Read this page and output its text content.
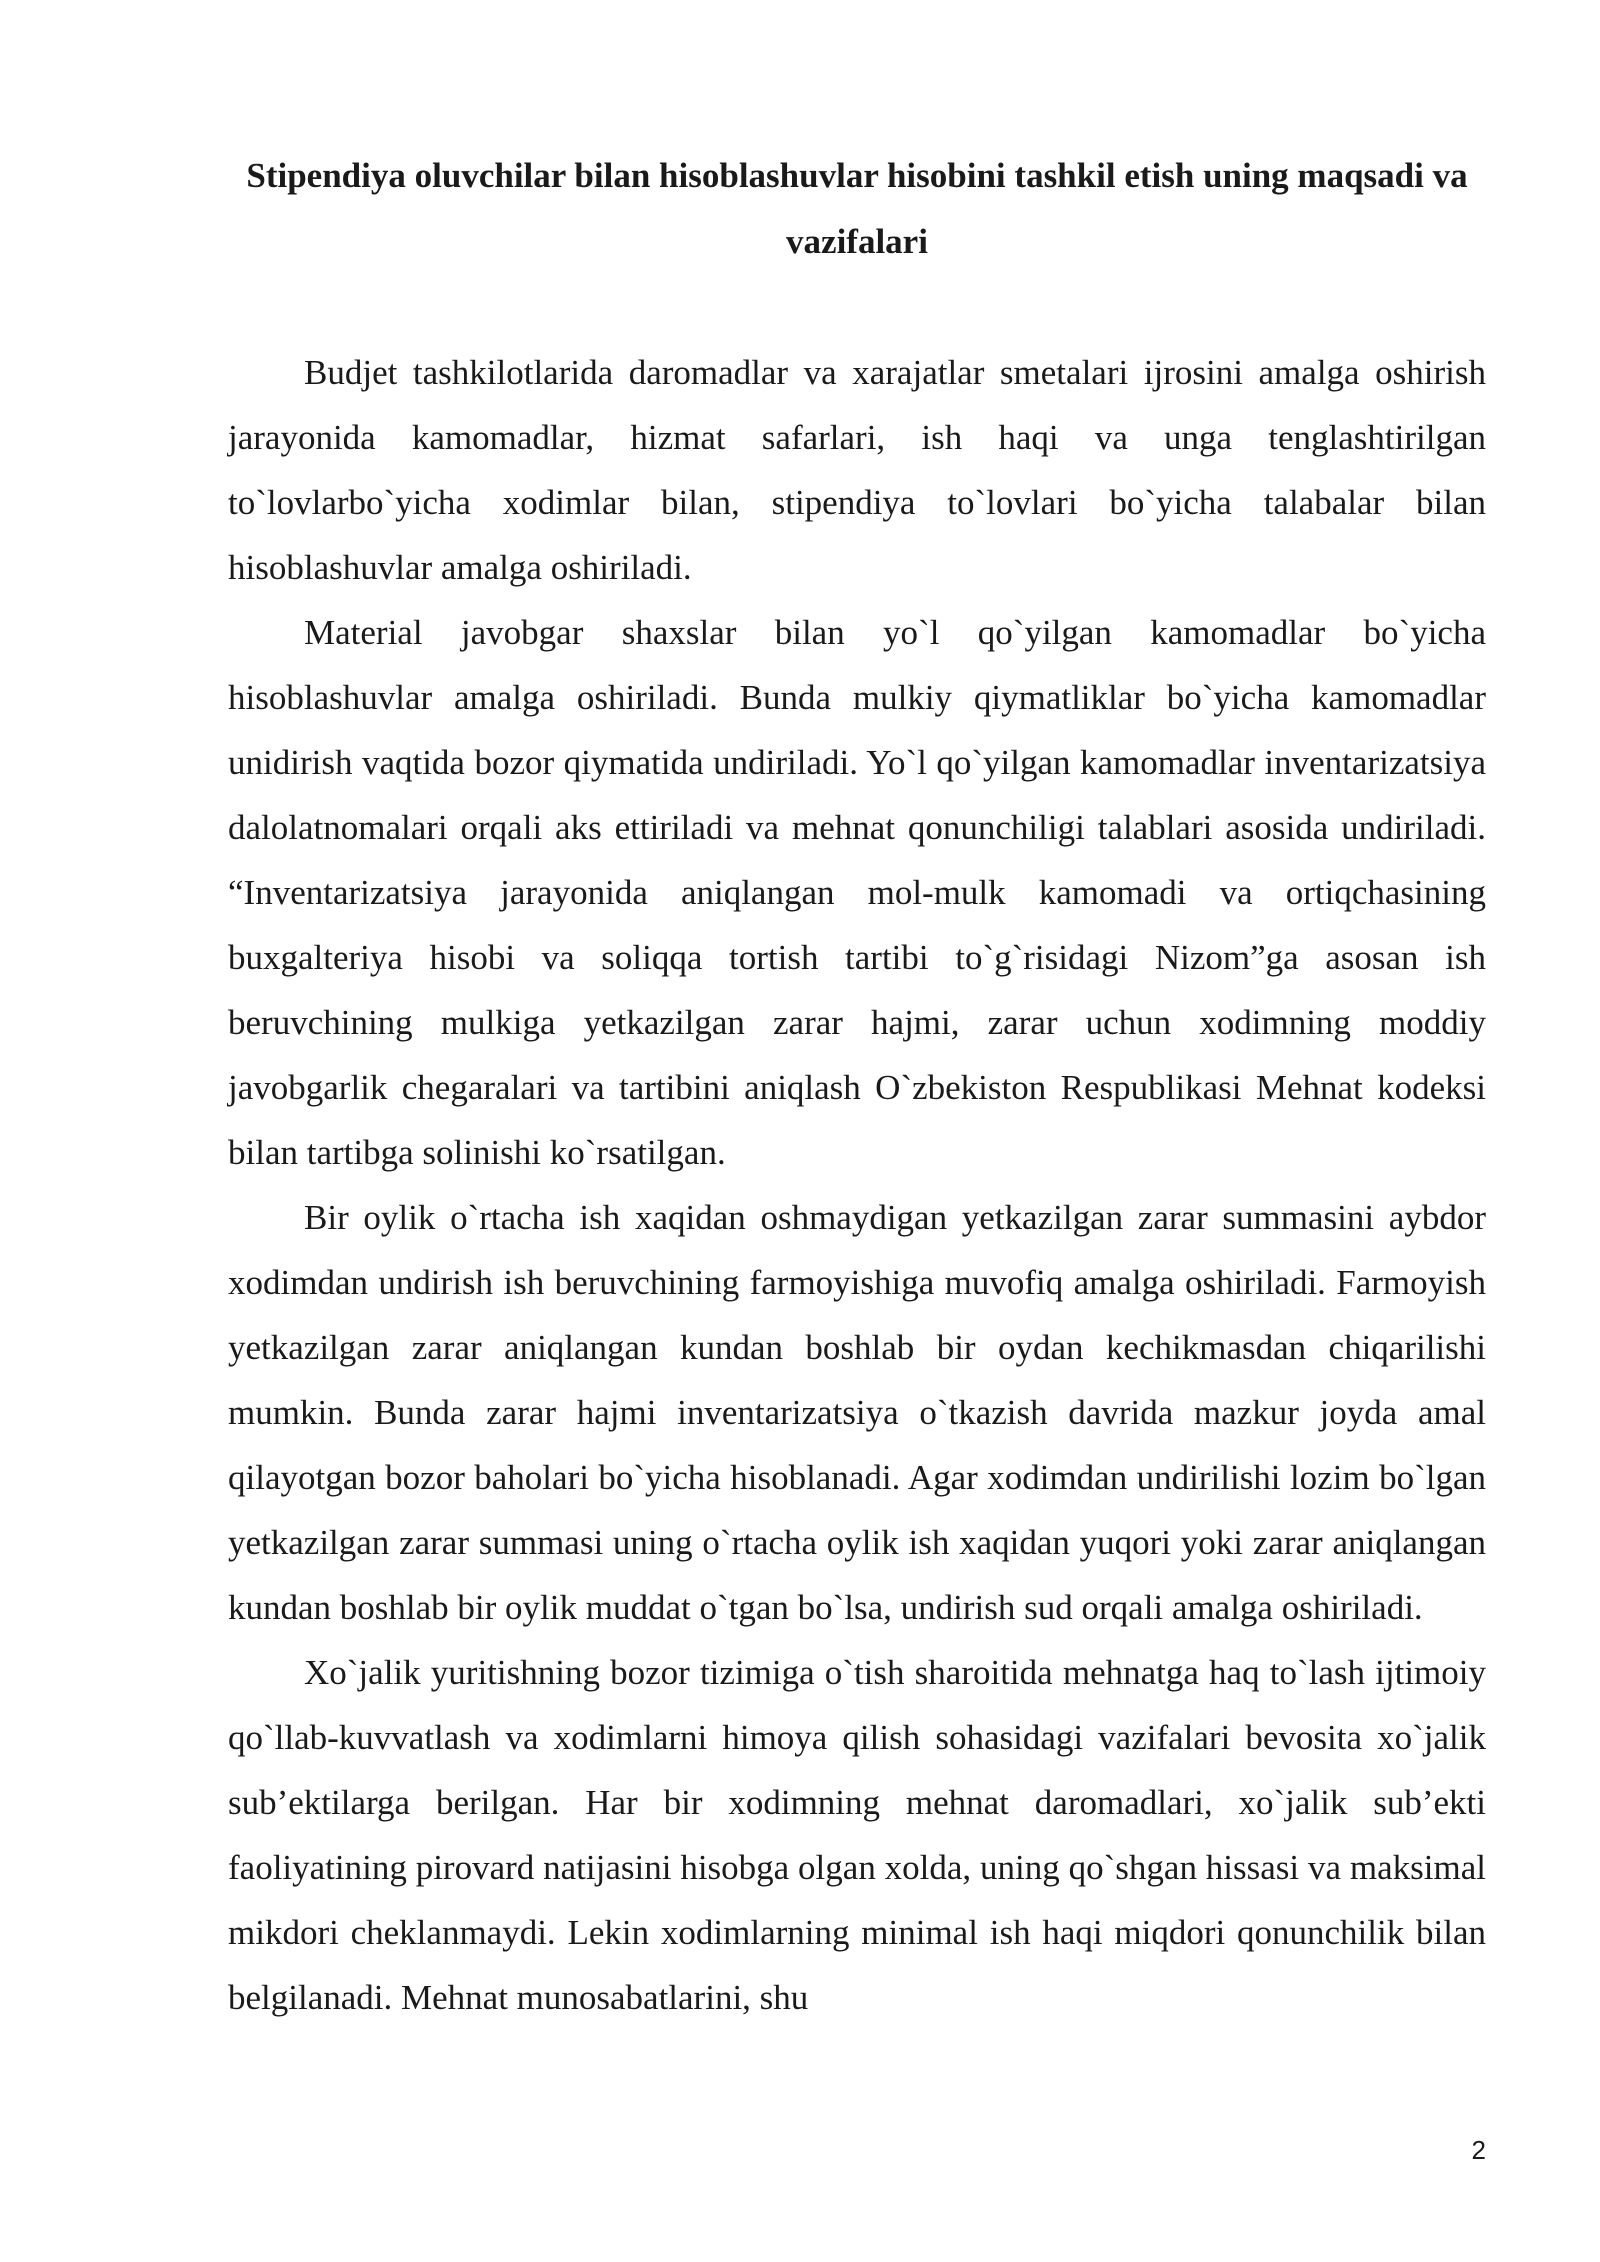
Stipendiya oluvchilar bilan hisoblashuvlar hisobini tashkil etish uning maqsadi va vazifalari

Budjet tashkilotlarida daromadlar va xarajatlar smetalari ijrosini amalga oshirish jarayonida kamomadlar, hizmat safarlari, ish haqi va unga tenglashtirilgan to`lovlarbo`yicha xodimlar bilan, stipendiya to`lovlari bo`yicha talabalar bilan hisoblashuvlar amalga oshiriladi.

Material javobgar shaxslar bilan yo`l qo`yilgan kamomadlar bo`yicha hisoblashuvlar amalga oshiriladi. Bunda mulkiy qiymatliklar bo`yicha kamomadlar unidirish vaqtida bozor qiymatida undiriladi. Yo`l qo`yilgan kamomadlar inventarizatsiya dalolatnomalari orqali aks ettiriladi va mehnat qonunchiligi talablari asosida undiriladi. “Inventarizatsiya jarayonida aniqlangan mol-mulk kamomadi va ortiqchasining buxgalteriya hisobi va soliqqa tortish tartibi to`g`risidagi Nizom”ga asosan ish beruvchining mulkiga yetkazilgan zarar hajmi, zarar uchun xodimning moddiy javobgarlik chegaralari va tartibini aniqlash O`zbekiston Respublikasi Mehnat kodeksi bilan tartibga solinishi ko`rsatilgan.

Bir oylik o`rtacha ish xaqidan oshmaydigan yetkazilgan zarar summasini aybdor xodimdan undirish ish beruvchining farmoyishiga muvofiq amalga oshiriladi. Farmoyish yetkazilgan zarar aniqlangan kundan boshlab bir oydan kechikmasdan chiqarilishi mumkin. Bunda zarar hajmi inventarizatsiya o`tkazish davrida mazkur joyda amal qilayotgan bozor baholari bo`yicha hisoblanadi. Agar xodimdan undirilishi lozim bo`lgan yetkazilgan zarar summasi uning o`rtacha oylik ish xaqidan yuqori yoki zarar aniqlangan kundan boshlab bir oylik muddat o`tgan bo`lsa, undirish sud orqali amalga oshiriladi.

Xo`jalik yuritishning bozor tizimiga o`tish sharoitida mehnatga haq to`lash ijtimoiy qo`llab-kuvvatlash va xodimlarni himoya qilish sohasidagi vazifalari bevosita xo`jalik sub’ektilarga berilgan. Har bir xodimning mehnat daromadlari, xo`jalik sub’ekti faoliyatining pirovard natijasini hisobga olgan xolda, uning qo`shgan hissasi va maksimal mikdori cheklanmaydi. Lekin xodimlarning minimal ish haqi miqdori qonunchilik bilan belgilanadi. Mehnat munosabatlarini, shu

2
